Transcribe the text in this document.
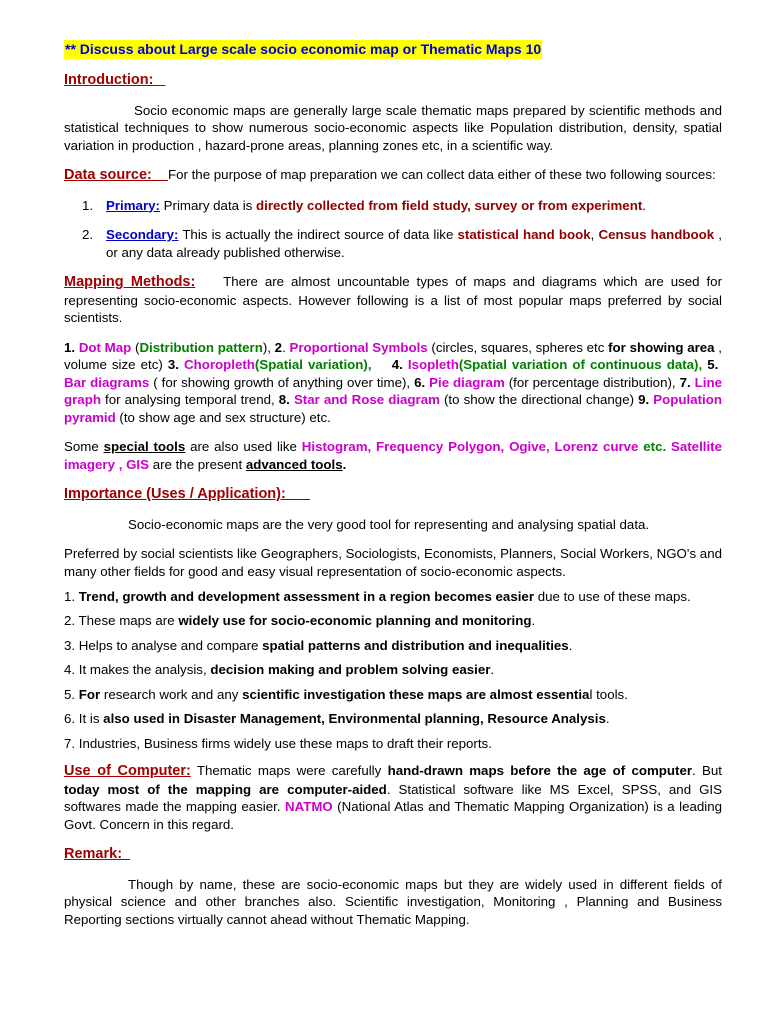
** Discuss about Large scale socio economic map or Thematic Maps 10
Introduction:

Socio economic maps are generally large scale thematic maps prepared by scientific methods and statistical techniques to show numerous socio-economic aspects like Population distribution, density, spatial variation in production , hazard-prone areas, planning zones etc, in a scientific way.

Data source: For the purpose of map preparation we can collect data either of these two following sources:

1. Primary: Primary data is directly collected from field study, survey or from experiment.

2. Secondary: This is actually the indirect source of data like statistical hand book, Census handbook , or any data already published otherwise.

Mapping Methods: There are almost uncountable types of maps and diagrams which are used for representing socio-economic aspects. However following is a list of most popular maps preferred by social scientists.

1. Dot Map (Distribution pattern), 2. Proportional Symbols (circles, squares, spheres etc for showing area , volume size etc) 3. Choropleth(Spatial variation), 4. Isopleth(Spatial variation of continuous data), 5.  Bar diagrams ( for showing growth of anything over time), 6. Pie diagram (for percentage distribution), 7. Line graph for analysing temporal trend, 8. Star and Rose diagram (to show the directional change) 9. Population pyramid (to show age and sex structure) etc.

Some special tools are also used like Histogram, Frequency Polygon, Ogive, Lorenz curve etc. Satellite imagery , GIS are the present advanced tools.

Importance (Uses / Application):

Socio-economic maps are the very good tool for representing and analysing spatial data.

Preferred by social scientists like Geographers, Sociologists, Economists, Planners, Social Workers, NGO's and many other fields for good and easy visual representation of socio-economic aspects.

1. Trend, growth and development assessment in a region becomes easier due to use of these maps.

2. These maps are widely use for socio-economic planning and monitoring.

3. Helps to analyse and compare spatial patterns and distribution and inequalities.

4. It makes the analysis, decision making and problem solving easier.

5. For research work and any scientific investigation these maps are almost essential tools.

6. It is also used in Disaster Management, Environmental planning, Resource Analysis.

7. Industries, Business firms widely use these maps to draft their reports.

Use of Computer: Thematic maps were carefully hand-drawn maps before the age of computer. But today most of the mapping are computer-aided. Statistical software like MS Excel, SPSS, and GIS softwares made the mapping easier. NATMO (National Atlas and Thematic Mapping Organization) is a leading Govt. Concern in this regard.

Remark:

Though by name, these are socio-economic maps but they are widely used in different fields of physical science and other branches also. Scientific investigation, Monitoring , Planning and Business Reporting sections virtually cannot ahead without Thematic Mapping.
